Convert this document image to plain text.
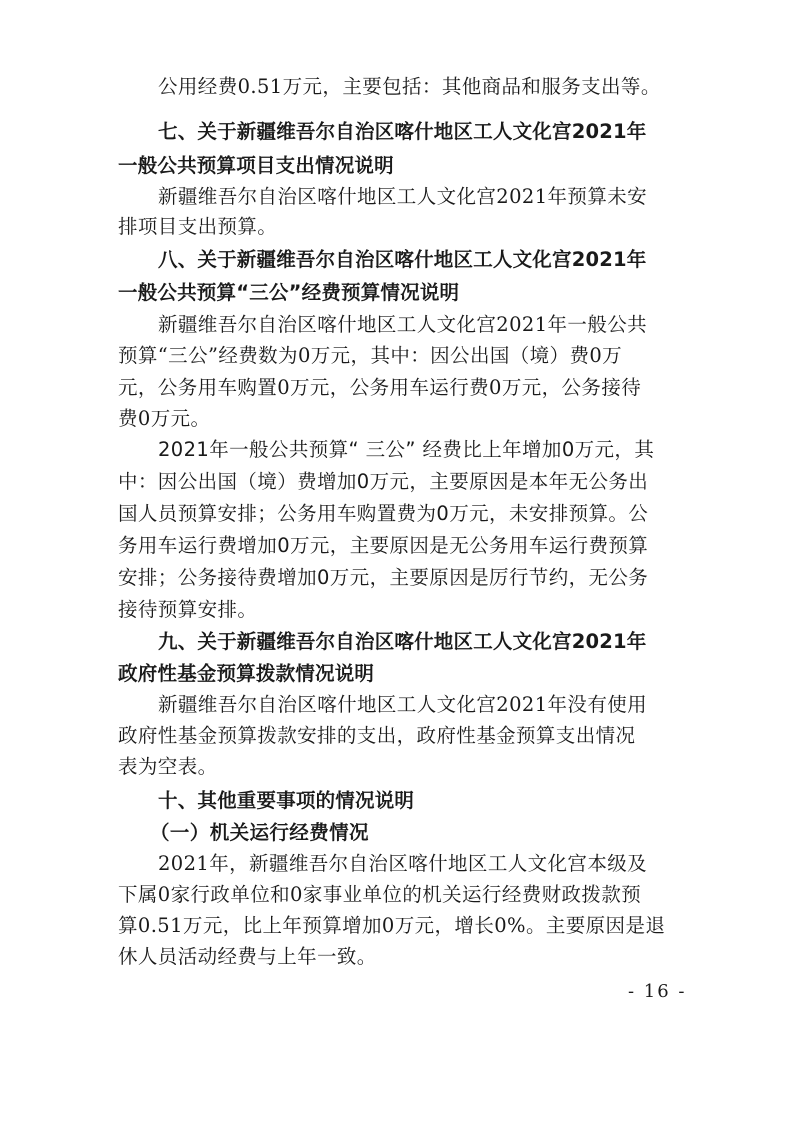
公用经费0.51万元，主要包括：其他商品和服务支出等。
七、关于新疆维吾尔自治区喀什地区工人文化宫2021年
一般公共预算项目支出情况说明
新疆维吾尔自治区喀什地区工人文化宫2021年预算未安
排项目支出预算。
八、关于新疆维吾尔自治区喀什地区工人文化宫2021年
一般公共预算“三公”经费预算情况说明
新疆维吾尔自治区喀什地区工人文化宫2021年一般公共
预算“三公”经费数为0万元，其中：因公出国（境）费0万
元，公务用车购置0万元，公务用车运行费0万元，公务接待
费0万元。
2021年一般公共预算“ 三公” 经费比上年增加0万元，其
中：因公出国（境）费增加0万元，主要原因是本年无公务出
国人员预算安排；公务用车购置费为0万元，未安排预算。公
务用车运行费增加0万元，主要原因是无公务用车运行费预算
安排；公务接待费增加0万元，主要原因是厉行节约，无公务
接待预算安排。
九、关于新疆维吾尔自治区喀什地区工人文化宫2021年
政府性基金预算拨款情况说明
新疆维吾尔自治区喀什地区工人文化宫2021年没有使用
政府性基金预算拨款安排的支出，政府性基金预算支出情况
表为空表。
十、其他重要事项的情况说明
（一）机关运行经费情况
2021年，新疆维吾尔自治区喀什地区工人文化宫本级及
下属0家行政单位和0家事业单位的机关运行经费财政拨款预
算0.51万元，比上年预算增加0万元，增长0%。主要原因是退
休人员活动经费与上年一致。
- 16 -
